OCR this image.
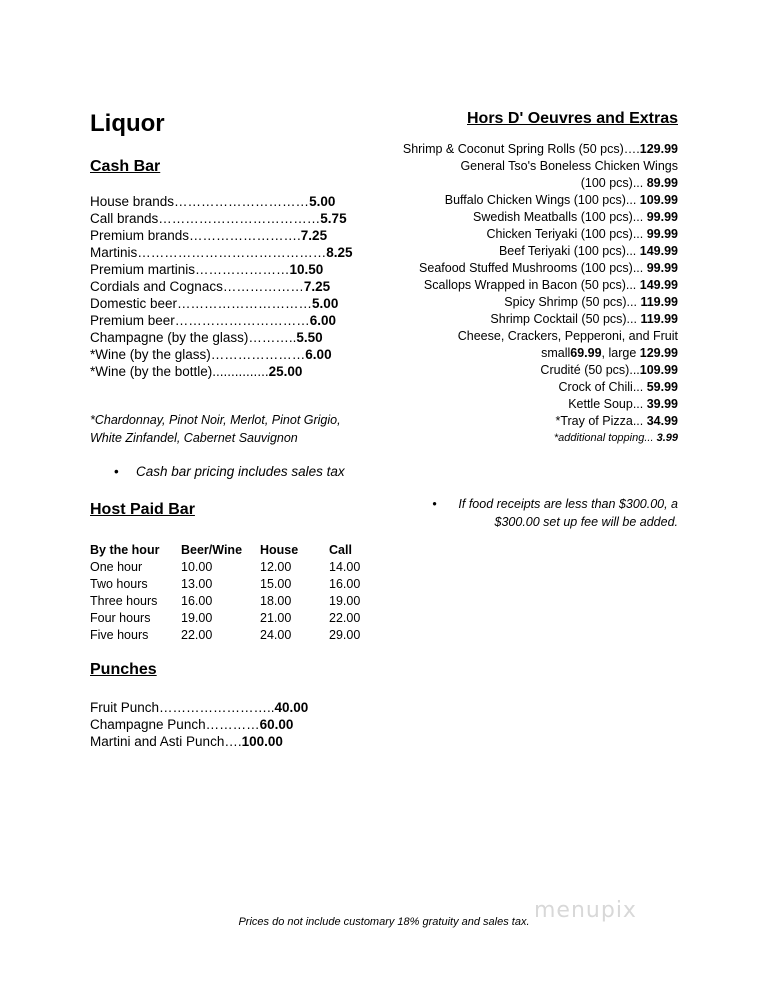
Liquor
Cash Bar
House brands…………………………5.00
Call brands………………………………5.75
Premium brands…………………….7.25
Martinis……………………………………8.25
Premium martinis…………………10.50
Cordials and Cognacs………………7.25
Domestic beer…………………………5.00
Premium beer…………………………6.00
Champagne (by the glass)………..5.50
*Wine (by the glass)…………………6.00
*Wine (by the bottle)...............25.00
*Chardonnay, Pinot Noir, Merlot, Pinot Grigio,
White Zinfandel, Cabernet Sauvignon
• Cash bar pricing includes sales tax
Host Paid Bar
By the hour	Beer/Wine	House	Call
One hour	10.00	12.00	14.00
Two hours	13.00	15.00	16.00
Three hours	16.00	18.00	19.00
Four hours	19.00	21.00	22.00
Five hours	22.00	24.00	29.00
Punches
Fruit Punch……………………..40.00
Champagne Punch…………60.00
Martini and Asti Punch….100.00
Hors D' Oeuvres and Extras
Shrimp & Coconut Spring Rolls (50 pcs)….129.99
General Tso's Boneless Chicken Wings
(100 pcs)... 89.99
Buffalo Chicken Wings (100 pcs)... 109.99
Swedish Meatballs (100 pcs)... 99.99
Chicken Teriyaki (100 pcs)... 99.99
Beef Teriyaki (100 pcs)... 149.99
Seafood Stuffed Mushrooms (100 pcs)... 99.99
Scallops Wrapped in Bacon (50 pcs)... 149.99
Spicy Shrimp (50 pcs)... 119.99
Shrimp Cocktail (50 pcs)... 119.99
Cheese, Crackers, Pepperoni, and Fruit
small69.99, large 129.99
Crudité (50 pcs)...109.99
Crock of Chili... 59.99
Kettle Soup... 39.99
*Tray of Pizza... 34.99
*additional topping... 3.99
If food receipts are less than $300.00, a
•
$300.00 set up fee will be added.
menupix
Prices do not include customary 18% gratuity and sales tax.
